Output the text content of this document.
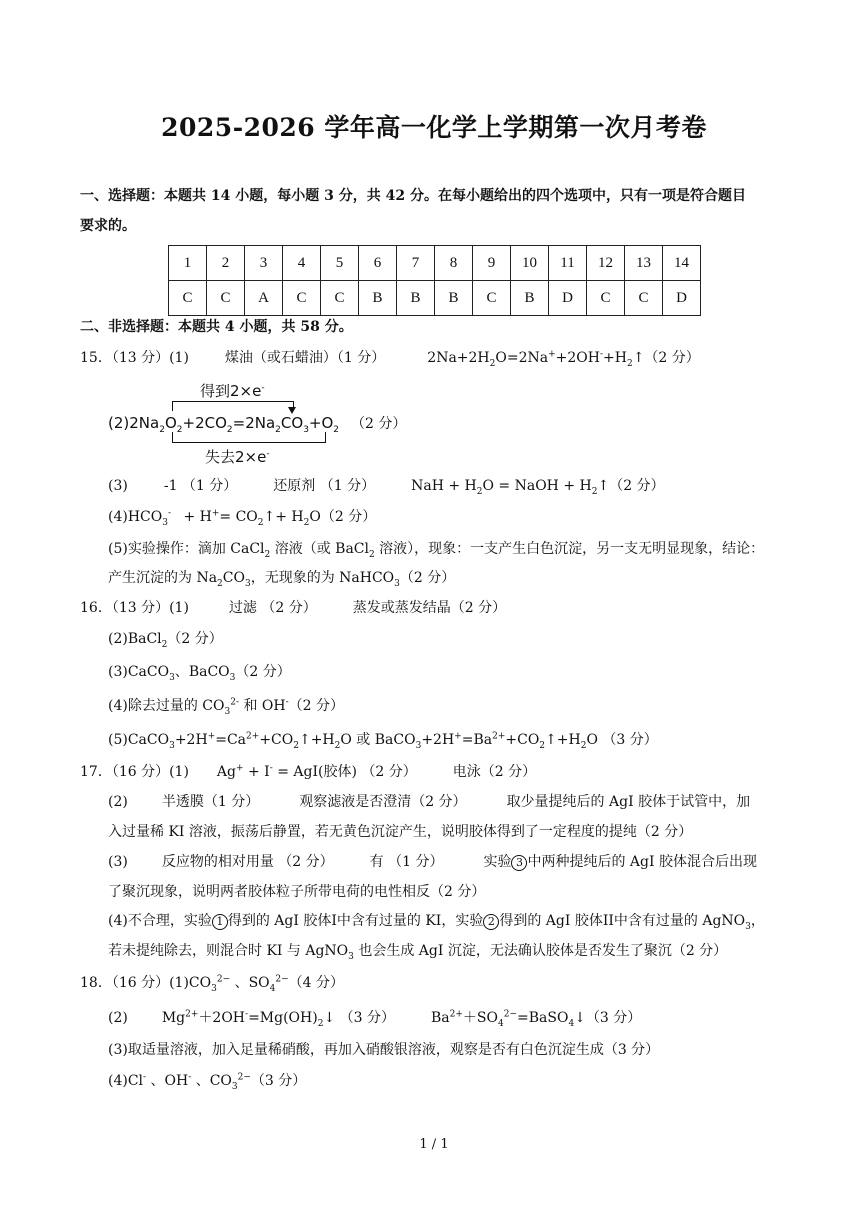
2025-2026 学年高一化学上学期第一次月考卷
一、选择题：本题共 14 小题，每小题 3 分，共 42 分。在每小题给出的四个选项中，只有一项是符合题目
要求的。
1	2	3	4	5	6	7	8	9	10	11	12	13	14
C	C	A	C	C	B	B	B	C	B	D	C	C	D
二、非选择题：本题共 4 小题，共 58 分。
15．（13 分）(1)	煤油（或石蜡油）（1 分）	$2Na+2H_2O=2Na^++2OH^-+H_2↑(2$ 分）
得到2×e-
$(2)2Na_2O_2+2CO_2=2Na_2CO_3+O_2$ （2 分）
失去2×e-
(3)	-1 （1 分）	还原剂 （1 分）	NaH + $H_2O$ = NaOH + $H_2↑(2$ 分）
$(4)HCO_3^- + H^+=$ $CO_2↑+ H_2O(2$ 分）
(5)实验操作：滴加 CaCl$_2$ 溶液（或 BaCl$_2$ 溶液），现象：一支产生白色沉淀，另一支无明显现象，结论：
产生沉淀的为 $Na_2CO_3$，无现象的为 NaHCO$_3$（2 分）
16．（13 分）(1)	过滤 （2 分）	蒸发或蒸发结晶（2 分）
(2)BaCl$_2$（2 分）
(3)CaCO$_3$、BaCO$_3$（2 分）
(4)除去过量的 $CO_3^{2-}$ 和 OH-（2 分）
$(5)CaCO_3+2H^+=Ca^{2+}+CO_2↑+H_2O$ 或 $BaCO_3+2H^+=Ba^{2+}+CO_2↑+H_2O$ （3 分）
17．（16 分）(1) Ag+ + I- = AgI(胶体) （2 分）	电泳（2 分）
(2) 半透膜（1 分）	观察滤液是否澄清（2 分）	取少量提纯后的 AgI 胶体于试管中，加
入过量稀 KI 溶液，振荡后静置，若无黄色沉淀产生，说明胶体得到了一定程度的提纯（2 分）
(3) 反应物的相对用量 （2 分）	有 （1 分）	实验 3 中两种提纯后的 AgI 胶体混合后出现
了聚沉现象，说明两者胶体粒子所带电荷的电性相反（2 分）
(4)不合理，实验 1 得到的 AgI 胶体I中含有过量的 KI，实验 2 得到的 AgI 胶体II中含有过量的 AgNO$_3$，
若未提纯除去，则混合时 KI 与 AgNO$_3$ 也会生成 AgI 沉淀，无法确认胶体是否发生了聚沉（2 分）
18．（16 分）$(1)CO_3^{2-}$ 、$SO_4^{2-}(4$ 分）
(2) $Mg^{2+}+2OH^-=Mg(OH)_2↓$ （3 分）	$Ba^{2+}+SO_4^{2-}=BaSO_4↓(3$ 分）
(3)取适量溶液，加入足量稀硝酸，再加入硝酸银溶液，观察是否有白色沉淀生成（3 分）
(4)Cl- 、OH- 、$CO_3^{2-}(3$ 分）
1 / 1
